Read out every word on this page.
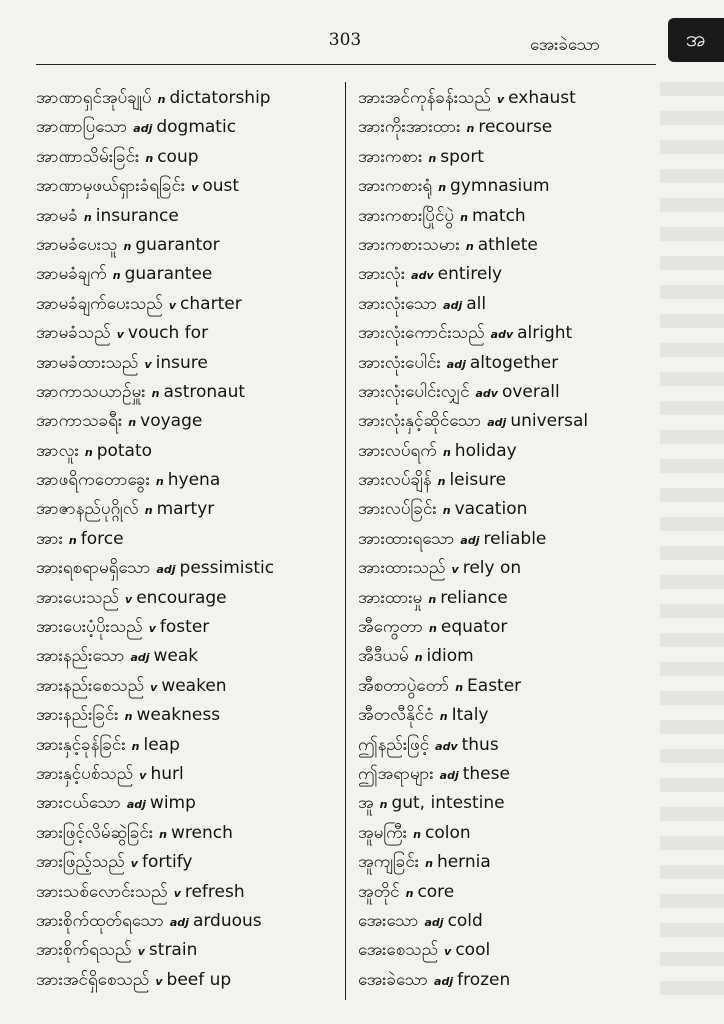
303	အေးခဲသော	အ
အာဏာရှင်အုပ်ချုပ် n dictatorship
အာဏာပြသော adj dogmatic
အာဏာသိမ်းခြင်း n coup
အာဏာမှဖယ်ရှားခံရခြင်း v oust
အာမခံ n insurance
အာမခံပေးသူ n guarantor
အာမခံချက် n guarantee
အာမခံချက်ပေးသည် v charter
အာမခံသည် v vouch for
အာမခံထားသည် v insure
အာကာသယာဉ်မှူး n astronaut
အာကာသခရီး n voyage
အာလူး n potato
အာဖရိကတောခွေး n hyena
အာဇာနည်ပုဂ္ဂိုလ် n martyr
အားn force
အားရစရာမရှိသော adj pessimistic
အားပေးသည် v encourage
အားပေးပံ့ပိုးသည် v foster
အားနည်းသော adj weak
အားနည်းစေသည် v weaken
အားနည်းခြင်း n weakness
အားနှင့်ခုန်ခြင်း n leap
အားနှင့်ပစ်သည် v hurl
အားငယ်သော adj wimp
အားဖြင့်လိမ်ဆွဲခြင်း n wrench
အားဖြည့်သည် v fortify
အားသစ်လောင်းသည် v refresh
အားစိုက်ထုတ်ရသော adj arduous
အားစိုက်ရသည် v strain
အားအင်ရှိစေသည် v beef up
အားအင်ကုန်ခန်းသည် v exhaust
အားကိုးအားထား n recourse
အားကစား n sport
အားကစားရုံ n gymnasium
အားကစားပြိုင်ပွဲ n match
အားကစားသမား n athlete
အားလုံး adv entirely
အားလုံးသော adj all
အားလုံးကောင်းသည် adv alright
အားလုံးပေါင်း adj altogether
အားလုံးပေါင်းလျှင် adv overall
အားလုံးနှင့်ဆိုင်သော adj universal
အားလပ်ရက် n holiday
အားလပ်ချိန် n leisure
အားလပ်ခြင်း n vacation
အားထားရသော adj reliable
အားထားသည် v rely on
အားထားမှု n reliance
အီကွေတာ n equator
အီဒီယမ် n idiom
အီစတာပွဲတော် n Easter
အီတလီနိုင်ငံ n Italy
ဤနည်းဖြင့် adv thus
ဤအရာများ adj these
အူn gut, intestine
အူမကြီး n colon
အူကျခြင်း n hernia
အူတိုင် n core
အေးသော adj cold
အေးစေသည် v cool
အေးခဲသော adj frozen
